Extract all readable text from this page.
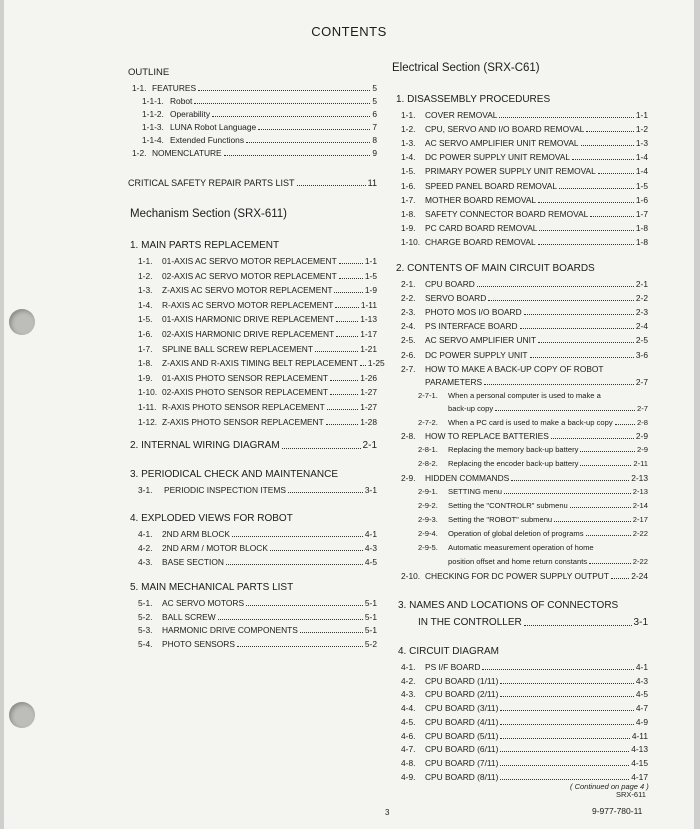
CONTENTS
OUTLINE
1-1. FEATURES	5
1-1-1. Robot	5
1-1-2. Operability	6
1-1-3. LUNA Robot Language	7
1-1-4. Extended Functions	8
1-2. NOMENCLATURE	9
CRITICAL SAFETY REPAIR PARTS LIST	11
Mechanism Section (SRX-611)
1. MAIN PARTS REPLACEMENT
1-1.	01-AXIS AC SERVO MOTOR REPLACEMENT	1-1
1-2.	02-AXIS AC SERVO MOTOR REPLACEMENT	1-5
1-3.	Z-AXIS AC SERVO MOTOR REPLACEMENT	1-9
1-4.	R-AXIS AC SERVO MOTOR REPLACEMENT	1-11
1-5.	01-AXIS HARMONIC DRIVE REPLACEMENT	1-13
1-6.	02-AXIS HARMONIC DRIVE REPLACEMENT	1-17
1-7.	SPLINE BALL SCREW REPLACEMENT	1-21
1-8.	Z-AXIS AND R-AXIS TIMING BELT REPLACEMENT 1-25
1-9.	01-AXIS PHOTO SENSOR REPLACEMENT	1-26
1-10. 02-AXIS PHOTO SENSOR REPLACEMENT	1-27
1-11. R-AXIS PHOTO SENSOR REPLACEMENT	1-27
1-12. Z-AXIS PHOTO SENSOR REPLACEMENT	1-28
2. INTERNAL WIRING DIAGRAM	2-1
3. PERIODICAL CHECK AND MAINTENANCE
3-1.	PERIODIC INSPECTION ITEMS	3-1
4. EXPLODED VIEWS FOR ROBOT
4-1.	2ND ARM BLOCK	4-1
4-2.	2ND ARM / MOTOR BLOCK	4-3
4-3.	BASE SECTION	4-5
5. MAIN MECHANICAL PARTS LIST
5-1.	AC SERVO MOTORS	5-1
5-2.	BALL SCREW	5-1
5-3.	HARMONIC DRIVE COMPONENTS	5-1
5-4.	PHOTO SENSORS	5-2
Electrical Section (SRX-C61)
1. DISASSEMBLY PROCEDURES
1-1.	COVER REMOVAL	1-1
1-2.	CPU, SERVO AND I/O BOARD REMOVAL	1-2
1-3.	AC SERVO AMPLIFIER UNIT REMOVAL	1-3
1-4.	DC POWER SUPPLY UNIT REMOVAL	1-4
1-5.	PRIMARY POWER SUPPLY UNIT REMOVAL	1-4
1-6.	SPEED PANEL BOARD REMOVAL	1-5
1-7.	MOTHER BOARD REMOVAL	1-6
1-8.	SAFETY CONNECTOR BOARD REMOVAL	1-7
1-9.	PC CARD BOARD REMOVAL	1-8
1-10. CHARGE BOARD REMOVAL	1-8
2. CONTENTS OF MAIN CIRCUIT BOARDS
2-1.	CPU BOARD	2-1
2-2.	SERVO BOARD	2-2
2-3.	PHOTO MOS I/O BOARD	2-3
2-4.	PS INTERFACE BOARD	2-4
2-5.	AC SERVO AMPLIFIER UNIT	2-5
2-6.	DC POWER SUPPLY UNIT	3-6
2-7.	HOW TO MAKE A BACK-UP COPY OF ROBOT
PARAMETERS	2-7
2-7-1.	When a personal computer is used to make a
back-up copy	2-7
2-7-2.	When a PC card is used to make a back-up copy	2-8
2-8.	HOW TO REPLACE BATTERIES	2-9
2-8-1.	Replacing the memory back-up battery	2-9
2-8-2.	Replacing the encoder back-up battery	2-11
2-9.	HIDDEN COMMANDS	2-13
2-9-1.	SETTING menu	2-13
2-9-2.	Setting the "CONTROLR" submenu	2-14
2-9-3.	Setting the "ROBOT" submenu	2-17
2-9-4.	Operation of global deletion of programs	2-22
2-9-5.	Automatic measurement operation of home
position offset and home return constants	2-22
2-10. CHECKING FOR DC POWER SUPPLY OUTPUT	2-24
3. NAMES AND LOCATIONS OF CONNECTORS
IN THE CONTROLLER	3-1
4. CIRCUIT DIAGRAM
4-1.	PS I/F BOARD	4-1
4-2.	CPU BOARD (1/11)	4-3
4-3.	CPU BOARD (2/11)	4-5
4-4.	CPU BOARD (3/11)	4-7
4-5.	CPU BOARD (4/11)	4-9
4-6.	CPU BOARD (5/11)	4-11
4-7.	CPU BOARD (6/11)	4-13
4-8.	CPU BOARD (7/11)	4-15
4-9.	CPU BOARD (8/11)	4-17
( Continued on page 4 )
SRX-611
3	9-977-780-11
